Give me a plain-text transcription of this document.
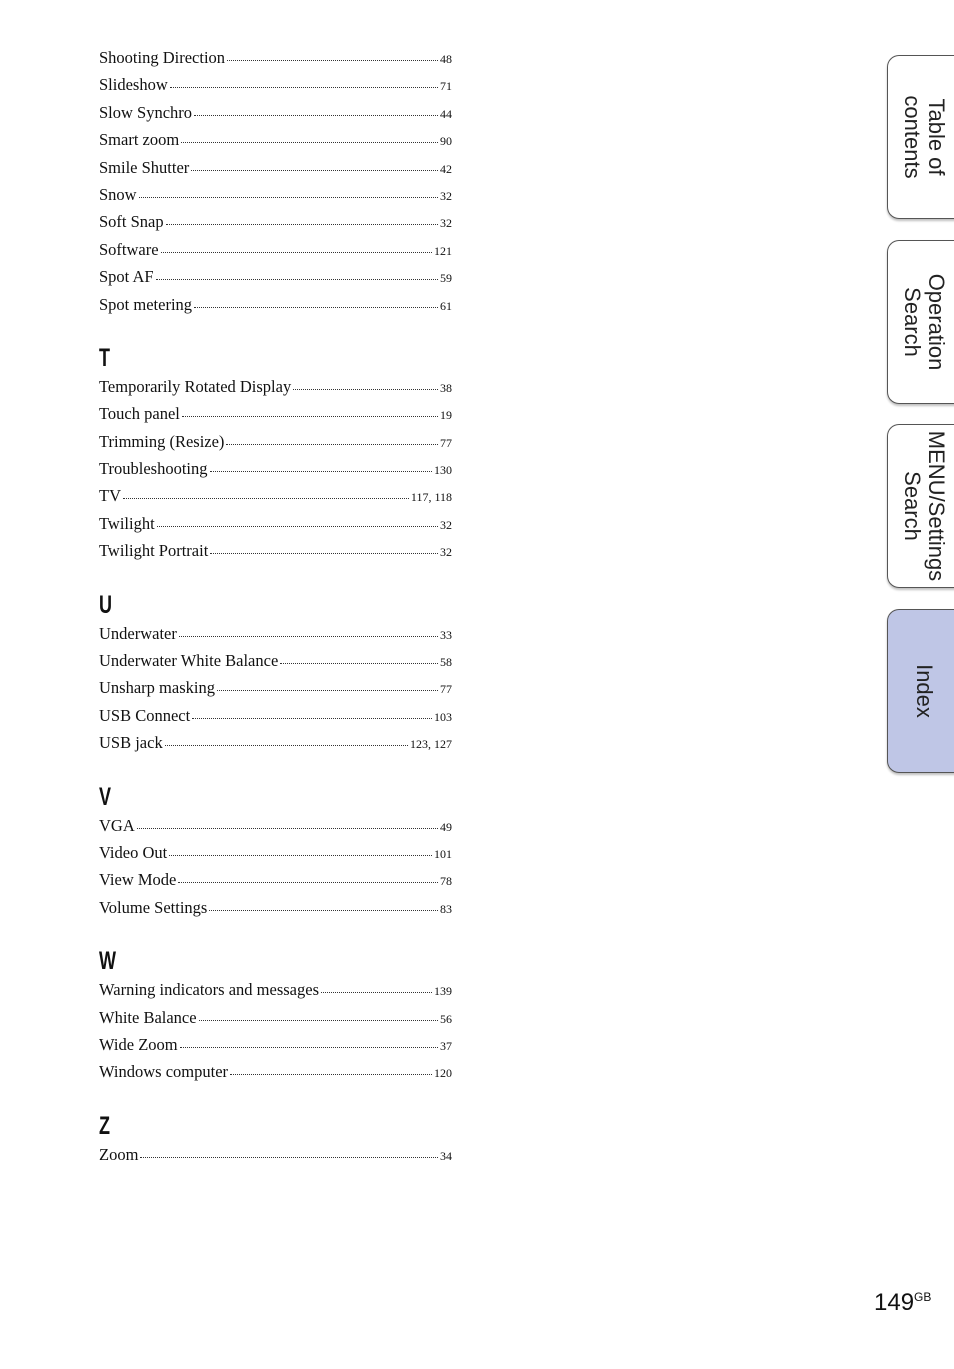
Shooting Direction	48
Slideshow	71
Slow Synchro	44
Smart zoom	90
Smile Shutter	42
Snow	32
Soft Snap	32
Software	121
Spot AF	59
Spot metering	61
T
Temporarily Rotated Display	38
Touch panel	19
Trimming (Resize)	77
Troubleshooting	130
TV	117, 118
Twilight	32
Twilight Portrait	32
U
Underwater	33
Underwater White Balance	58
Unsharp masking	77
USB Connect	103
USB jack	123, 127
V
VGA	49
Video Out	101
View Mode	78
Volume Settings	83
W
Warning indicators and messages	139
White Balance	56
Wide Zoom	37
Windows computer	120
Z
Zoom	34
Table of
contents
Operation
Search
MENU/Settings
Search
Index
$149^{GB}$
